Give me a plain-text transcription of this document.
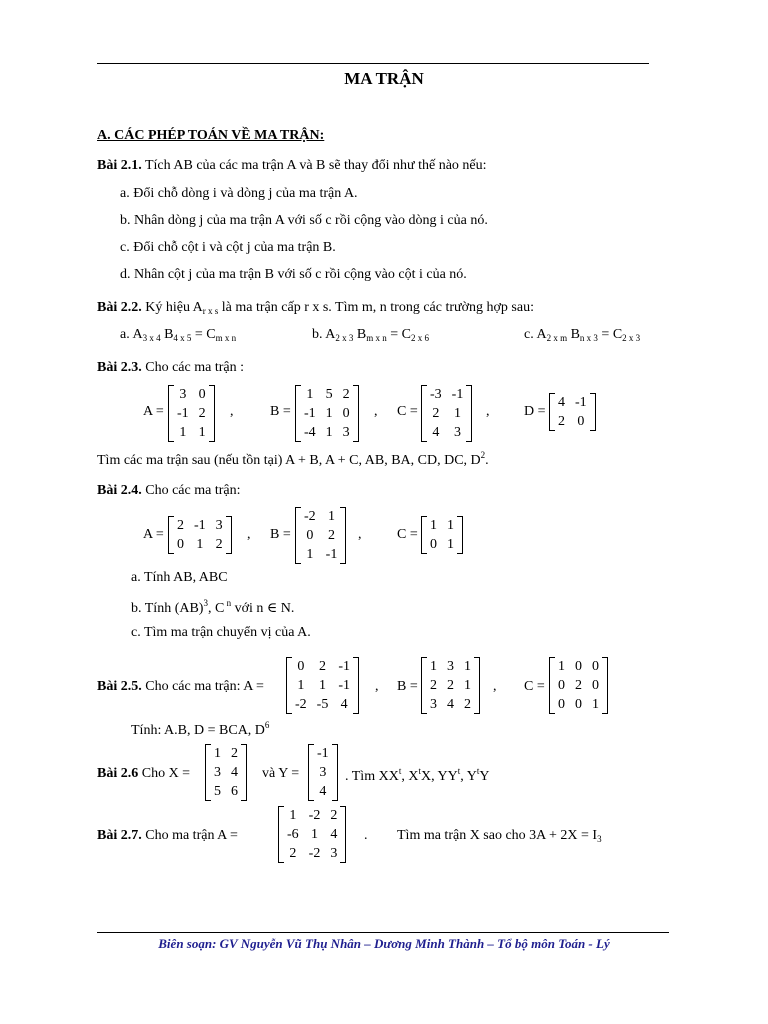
MA TRẬN
A. CÁC PHÉP TOÁN VỀ MA TRẬN:
Bài 2.1. Tích AB của các ma trận A và B sẽ thay đổi như thế nào nếu:
a. Đổi chỗ dòng i và dòng j của ma trận A.
b. Nhân dòng j của ma trận A với số c rồi cộng vào dòng i của nó.
c. Đổi chỗ cột i và cột j của ma trận B.
d. Nhân cột j của ma trận B với số c rồi cộng vào cột i của nó.
Bài 2.2. Ký hiệu $A_{r x s}$ là ma trận cấp r x s. Tìm m, n trong các trường hợp sau:
a. $A_{3 x 4}$ $B_{4 x 5} = C_{m x n}$	b. $A_{2 x 3}$ $B_{m x n} = C_{2 x 6}$	c. $A_{2 x m}$ $B_{n x 3} = C_{2 x 3}$
Bài 2.3. Cho các ma trận :
A =
3 0
-1 2
1 1
,	B =
1 5 2
-1 1 0
-4 1 3
, C =
-3 -1
2 1
4 3
, D =
4 -1
2 0
Tìm các ma trận sau (nếu tồn tại) A + B, A + C, AB, BA, CD, DC, $D^2$.
Bài 2.4. Cho các ma trận:
A =
2 -1 3
0 1 2
, B =
-2 1
0 2
1 -1
,	C =
1 1
0 1
a. Tính AB, ABC
b. Tính (AB)$^3$, C $^n$ với n ∈ N.
c. Tìm ma trận chuyển vị của A.
Bài 2.5. Cho các ma trận: A =
0 2 -1
1 1 -1
-2 -5 4
, B =
1 3 1
2 2 1
3 4 2
, C =
1 0 0
0 2 0
0 0 1
Tính: A.B, D = BCA, $D^6$
Bài 2.6 Cho X =
1 2
3 4
5 6
và Y =
-1
3
4
. Tìm $XX^t$, $X^tX$, $YY^t$, $Y^tY$
Bài 2.7. Cho ma trận A =
1 -2 2
-6 1 4
2 -2 3
. Tìm ma trận X sao cho $3A + 2X = I_3$
Biên soạn: GV Nguyễn Vũ Thụ Nhân – Dương Minh Thành – Tổ bộ môn Toán - Lý
